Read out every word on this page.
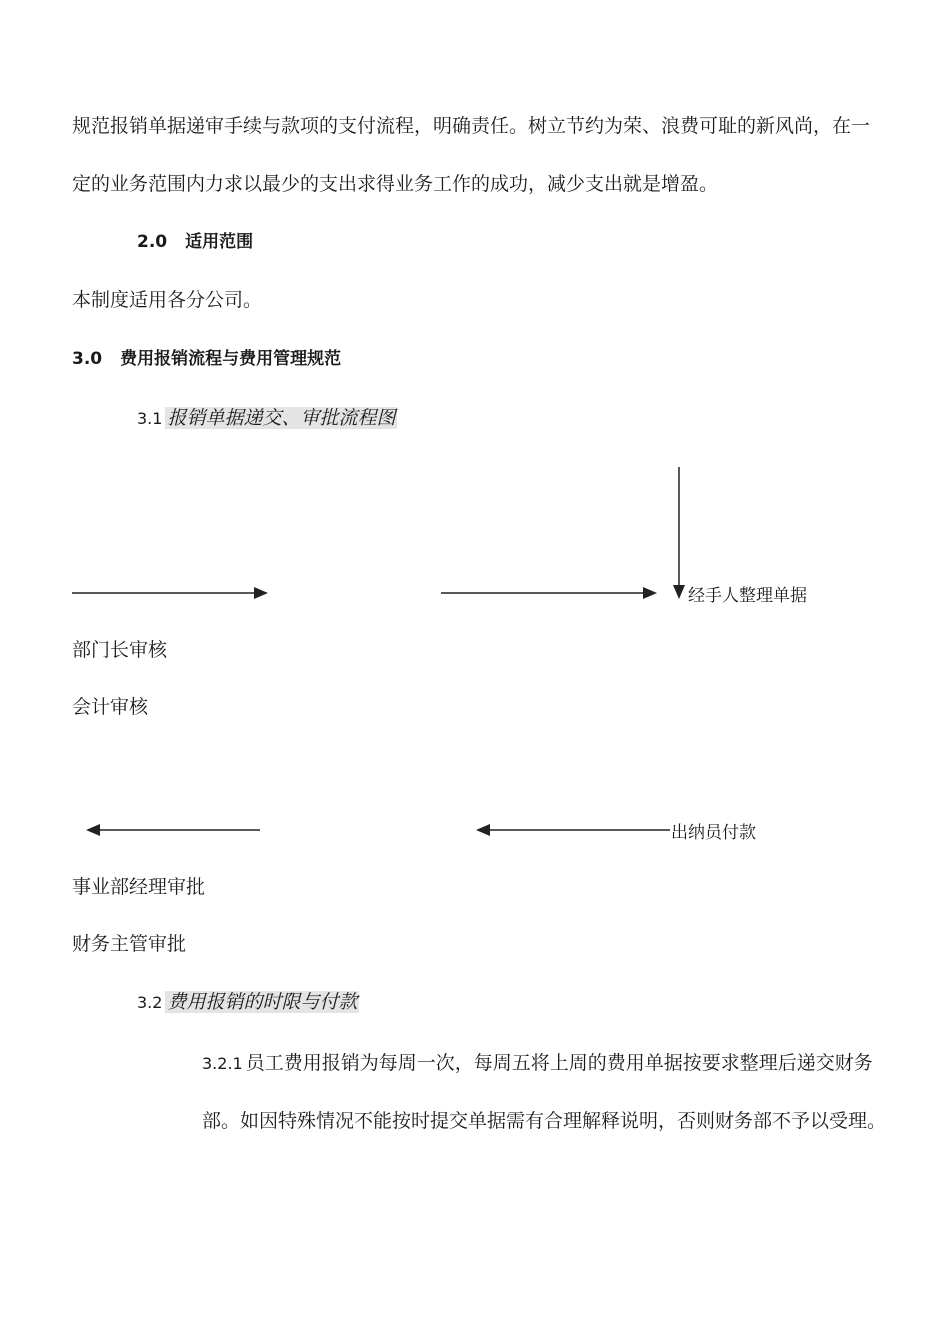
规范报销单据递审手续与款项的支付流程，明确责任。树立节约为荣、浪费可耻的新风尚，在一

定的业务范围内力求以最少的支出求得业务工作的成功，减少支出就是增盈。

2.0 适用范围

本制度适用各分公司。

3.0 费用报销流程与费用管理规范

3.1 报销单据递交、审批流程图

经手人整理单据

部门长审核

会计审核

出纳员付款

事业部经理审批

财务主管审批

3.2 费用报销的时限与付款

3.2.1 员工费用报销为每周一次，每周五将上周的费用单据按要求整理后递交财务

部。如因特殊情况不能按时提交单据需有合理解释说明，否则财务部不予以受理。
